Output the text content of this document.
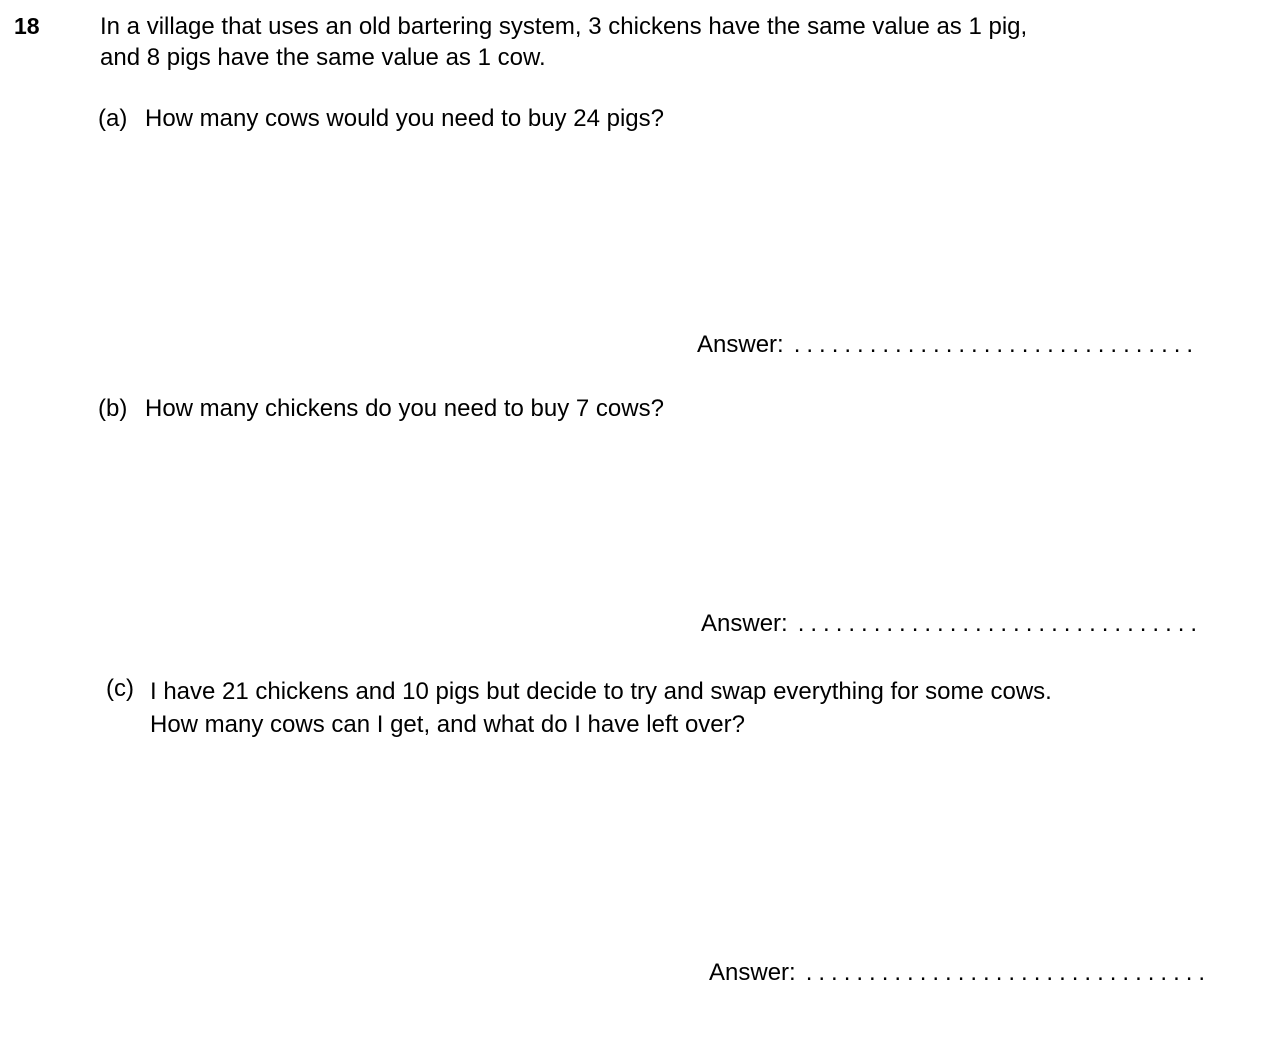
18	In a village that uses an old bartering system, 3 chickens have the same value as 1 pig,
and 8 pigs have the same value as 1 cow.
(a) How many cows would you need to buy 24 pigs?
Answer: ................................
(b) How many chickens do you need to buy 7 cows?
Answer: ................................
(c) I have 21 chickens and 10 pigs but decide to try and swap everything for some cows.
How many cows can I get, and what do I have left over?
Answer: ................................
